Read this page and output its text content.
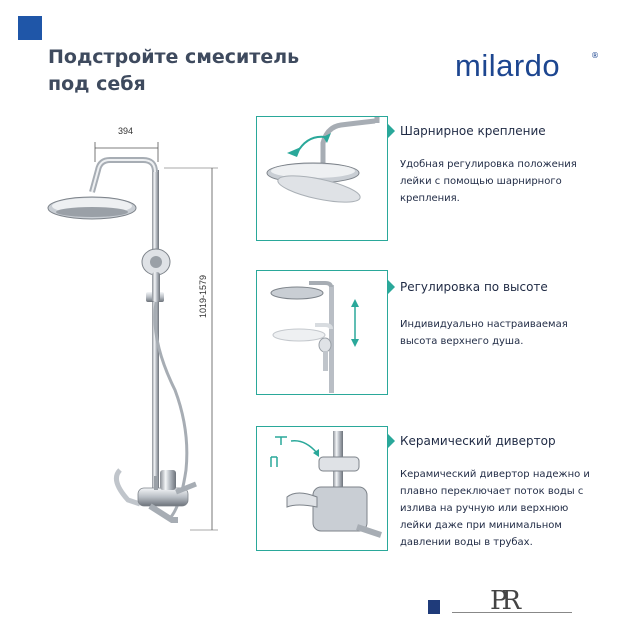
Подстройте смеситель
под себя
milardo	®
394
1019-1579
Шарнирное крепление
Удобная регулировка положения
лейки с помощью шарнирного
крепления.
Регулировка по высоте
Индивидуально настраиваемая
высота верхнего душа.
Керамический дивертор
Керамический дивертор надежно и
плавно переключает поток воды с
излива на ручную или верхнюю
лейки даже при минимальном
давлении воды в трубах.
PR
